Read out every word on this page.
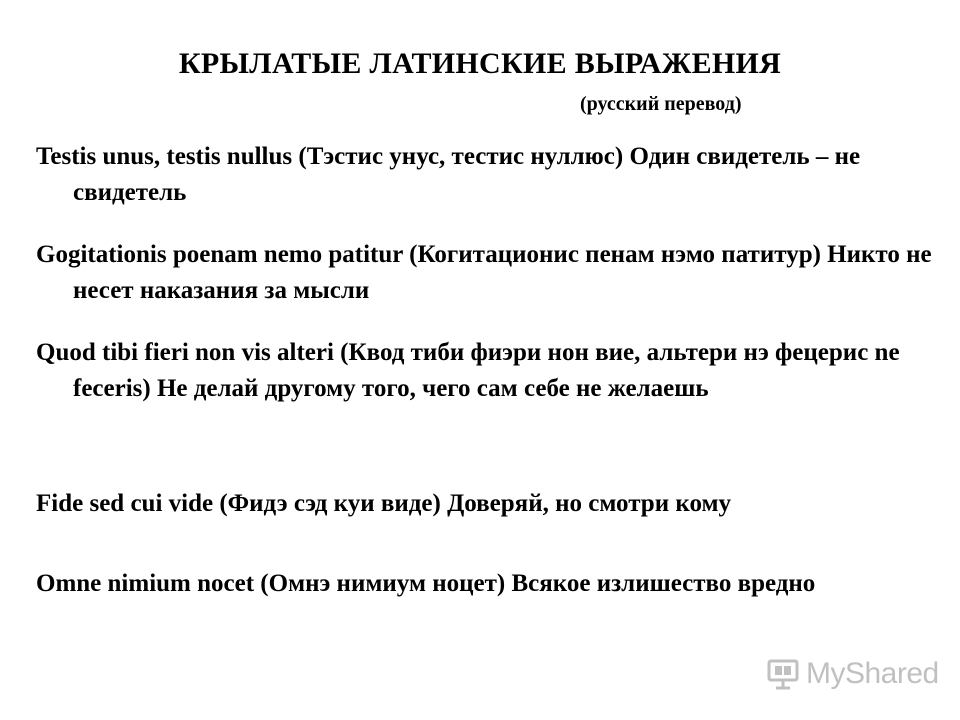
КРЫЛАТЫЕ ЛАТИНСКИЕ ВЫРАЖЕНИЯ
(русский перевод)
Testis unus, testis nullus (Тэстис унус, тестис нуллюс) Один свидетель – не свидетель
Gogitationis poenam nemo patitur (Когитационис пенам нэмо патитур) Никто не несет наказания за мысли
Quod tibi fieri non vis alteri (Квод тиби фиэри нон вие, альтери нэ фецерис ne feceris) Не делай другому того, чего сам себе не желаешь
Fide sed cui vide (Фидэ сэд куи виде) Доверяй, но смотри кому
Omne nimium nocet (Омнэ нимиум ноцет) Всякое излишество вредно
MyShared
